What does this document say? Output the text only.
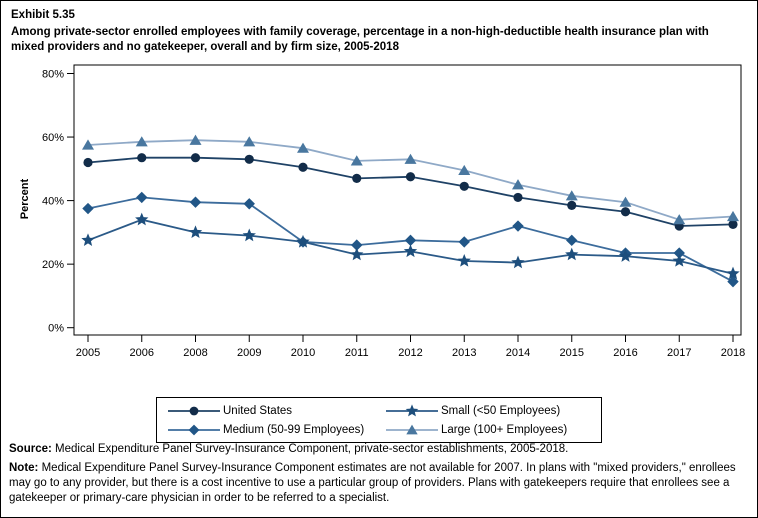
Exhibit 5.35
Among private-sector enrolled employees with family coverage, percentage in a non-high-deductible health insurance plan with mixed providers and no gatekeeper, overall and by firm size, 2005-2018
Percent
0%
20%
40%
60%
80%
2005	2006	2008	2009	2010	2011	2012	2013	2014	2015	2016	2017	2018
United States	Small (<50 Employees)
Medium (50-99 Employees)	Large (100+ Employees)

Source: Medical Expenditure Panel Survey-Insurance Component, private-sector establishments, 2005-2018.

Note: Medical Expenditure Panel Survey-Insurance Component estimates are not available for 2007. In plans with "mixed providers," enrollees may go to any provider, but there is a cost incentive to use a particular group of providers. Plans with gatekeepers require that enrollees see a gatekeeper or primary-care physician in order to be referred to a specialist.
